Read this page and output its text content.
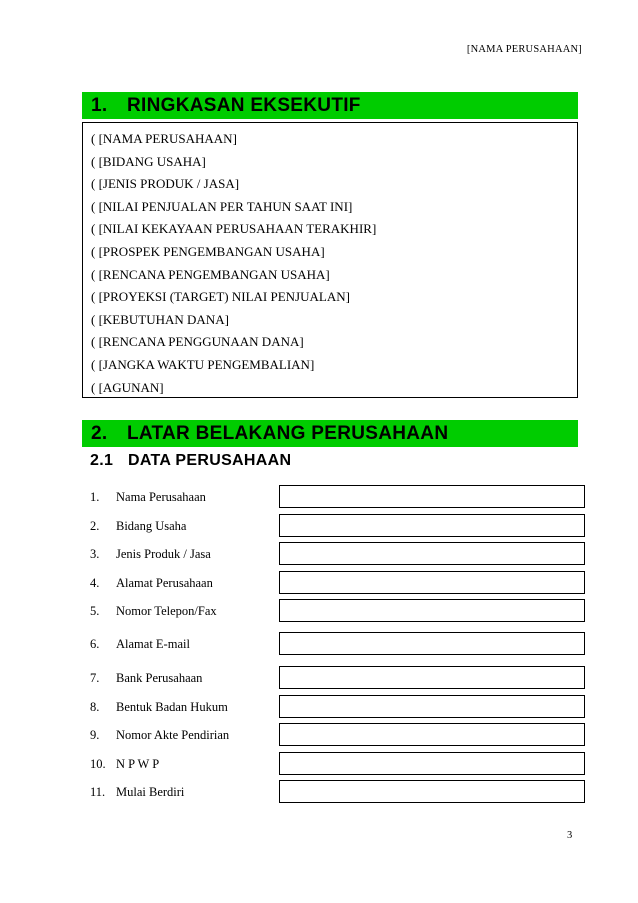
[NAMA PERUSAHAAN]
1. RINGKASAN EKSEKUTIF
( [NAMA PERUSAHAAN]
( [BIDANG USAHA]
( [JENIS PRODUK / JASA]
( [NILAI PENJUALAN PER TAHUN SAAT INI]
( [NILAI KEKAYAAN PERUSAHAAN TERAKHIR]
( [PROSPEK PENGEMBANGAN USAHA]
( [RENCANA PENGEMBANGAN USAHA]
( [PROYEKSI (TARGET) NILAI PENJUALAN]
( [KEBUTUHAN DANA]
( [RENCANA PENGGUNAAN DANA]
( [JANGKA WAKTU PENGEMBALIAN]
( [AGUNAN]
2. LATAR BELAKANG PERUSAHAAN
2.1 DATA PERUSAHAAN
1. Nama Perusahaan
2. Bidang Usaha
3. Jenis Produk / Jasa
4. Alamat Perusahaan
5. Nomor Telepon/Fax
6. Alamat E-mail
7. Bank Perusahaan
8. Bentuk Badan Hukum
9. Nomor Akte Pendirian
10. N P W P
11. Mulai Berdiri
3
